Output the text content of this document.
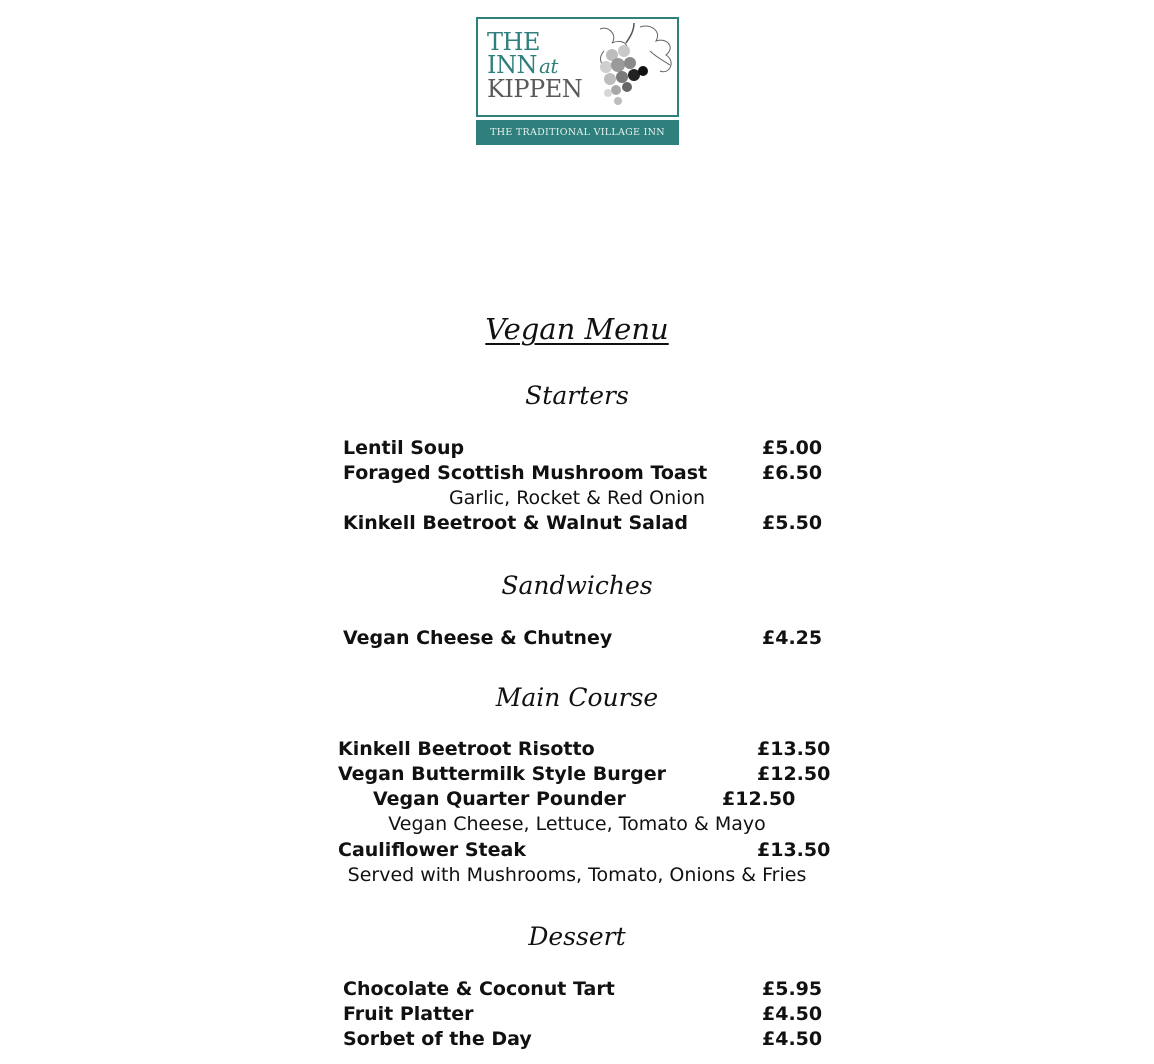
THE
INN at
KIPPEN
THE TRADITIONAL VILLAGE INN
Vegan Menu
Starters
Lentil Soup	£5.00
Foraged Scottish Mushroom Toast	£6.50
Garlic, Rocket & Red Onion
Kinkell Beetroot & Walnut Salad	£5.50
Sandwiches
Vegan Cheese & Chutney	£4.25
Main Course
Kinkell Beetroot Risotto	£13.50
Vegan Buttermilk Style Burger	£12.50
Vegan Quarter Pounder	£12.50
Vegan Cheese, Lettuce, Tomato & Mayo
Cauliflower Steak	£13.50
Served with Mushrooms, Tomato, Onions & Fries
Dessert
Chocolate & Coconut Tart	£5.95
Fruit Platter	£4.50
Sorbet of the Day	£4.50
